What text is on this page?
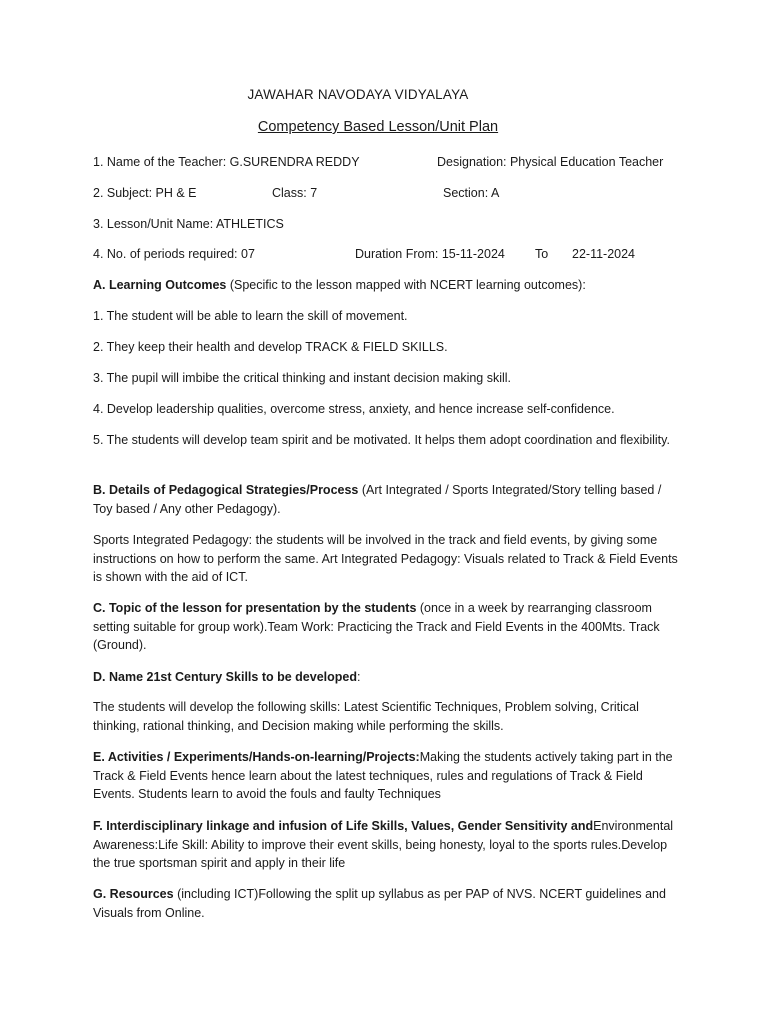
JAWAHAR NAVODAYA VIDYALAYA
Competency Based Lesson/Unit Plan
1. Name of the Teacher: G.SURENDRA REDDY	Designation: Physical Education Teacher
2. Subject: PH & E	Class: 7	Section: A
3. Lesson/Unit Name: ATHLETICS
4. No. of periods required: 07	Duration From: 15-11-2024 To 22-11-2024

A. Learning Outcomes (Specific to the lesson mapped with NCERT learning outcomes):

1. The student will be able to learn the skill of movement.

2. They keep their health and develop TRACK & FIELD SKILLS.

3. The pupil will imbibe the critical thinking and instant decision making skill.

4. Develop leadership qualities, overcome stress, anxiety, and hence increase self-confidence.

5. The students will develop team spirit and be motivated. It helps them adopt coordination and flexibility.

B. Details of Pedagogical Strategies/Process (Art Integrated / Sports Integrated/Story telling based / Toy based / Any other Pedagogy).

Sports Integrated Pedagogy: the students will be involved in the track and field events, by giving some instructions on how to perform the same. Art Integrated Pedagogy: Visuals related to Track & Field Events is shown with the aid of ICT.

C. Topic of the lesson for presentation by the students (once in a week by rearranging classroom setting suitable for group work).Team Work: Practicing the Track and Field Events in the 400Mts. Track (Ground).

D. Name 21st Century Skills to be developed:

The students will develop the following skills: Latest Scientific Techniques, Problem solving, Critical thinking, rational thinking, and Decision making while performing the skills.

E. Activities / Experiments/Hands-on-learning/Projects:Making the students actively taking part in the Track & Field Events hence learn about the latest techniques, rules and regulations of Track & Field Events. Students learn to avoid the fouls and faulty Techniques

F. Interdisciplinary linkage and infusion of Life Skills, Values, Gender Sensitivity andEnvironmental Awareness:Life Skill: Ability to improve their event skills, being honesty, loyal to the sports rules.Develop the true sportsman spirit and apply in their life

G. Resources (including ICT)Following the split up syllabus as per PAP of NVS. NCERT guidelines and Visuals from Online.
